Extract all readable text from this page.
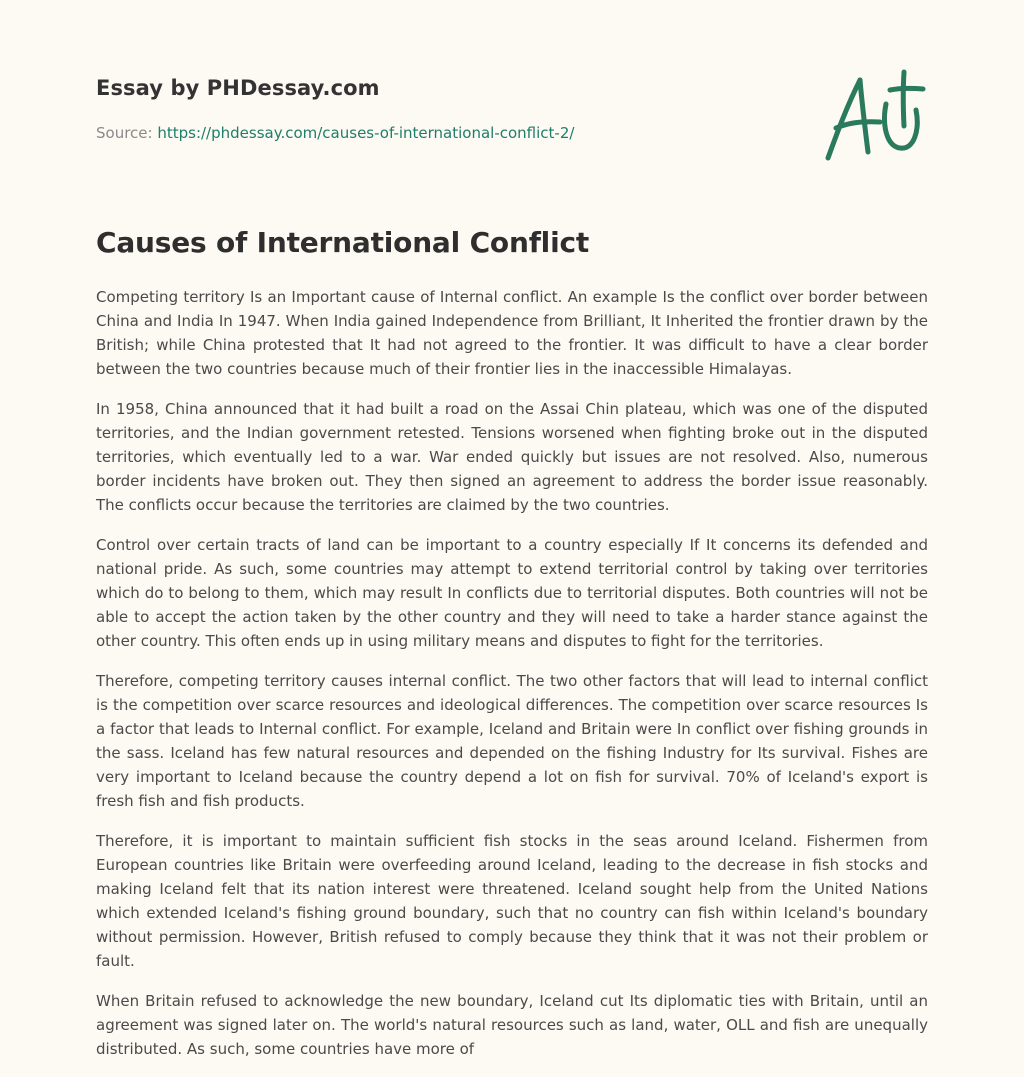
Essay by PHDessay.com
Source: https://phdessay.com/causes-of-international-conflict-2/
Causes of International Conflict

Competing territory Is an Important cause of Internal conflict. An example Is the conflict over border between China and India In 1947. When India gained Independence from Brilliant, It Inherited the frontier drawn by the British; while China protested that It had not agreed to the frontier. It was difficult to have a clear border between the two countries because much of their frontier lies in the inaccessible Himalayas.

In 1958, China announced that it had built a road on the Assai Chin plateau, which was one of the disputed territories, and the Indian government retested. Tensions worsened when fighting broke out in the disputed territories, which eventually led to a war. War ended quickly but issues are not resolved. Also, numerous border incidents have broken out. They then signed an agreement to address the border issue reasonably. The conflicts occur because the territories are claimed by the two countries.

Control over certain tracts of land can be important to a country especially If It concerns its defended and national pride. As such, some countries may attempt to extend territorial control by taking over territories which do to belong to them, which may result In conflicts due to territorial disputes. Both countries will not be able to accept the action taken by the other country and they will need to take a harder stance against the other country. This often ends up in using military means and disputes to fight for the territories.

Therefore, competing territory causes internal conflict. The two other factors that will lead to internal conflict is the competition over scarce resources and ideological differences. The competition over scarce resources Is a factor that leads to Internal conflict. For example, Iceland and Britain were In conflict over fishing grounds in the sass. Iceland has few natural resources and depended on the fishing Industry for Its survival. Fishes are very important to Iceland because the country depend a lot on fish for survival. 70% of Iceland's export is fresh fish and fish products.

Therefore, it is important to maintain sufficient fish stocks in the seas around Iceland. Fishermen from European countries like Britain were overfeeding around Iceland, leading to the decrease in fish stocks and making Iceland felt that its nation interest were threatened. Iceland sought help from the United Nations which extended Iceland's fishing ground boundary, such that no country can fish within Iceland's boundary without permission. However, British refused to comply because they think that it was not their problem or fault.

When Britain refused to acknowledge the new boundary, Iceland cut Its diplomatic ties with Britain, until an agreement was signed later on. The world's natural resources such as land, water, OLL and fish are unequally distributed. As such, some countries have more of
